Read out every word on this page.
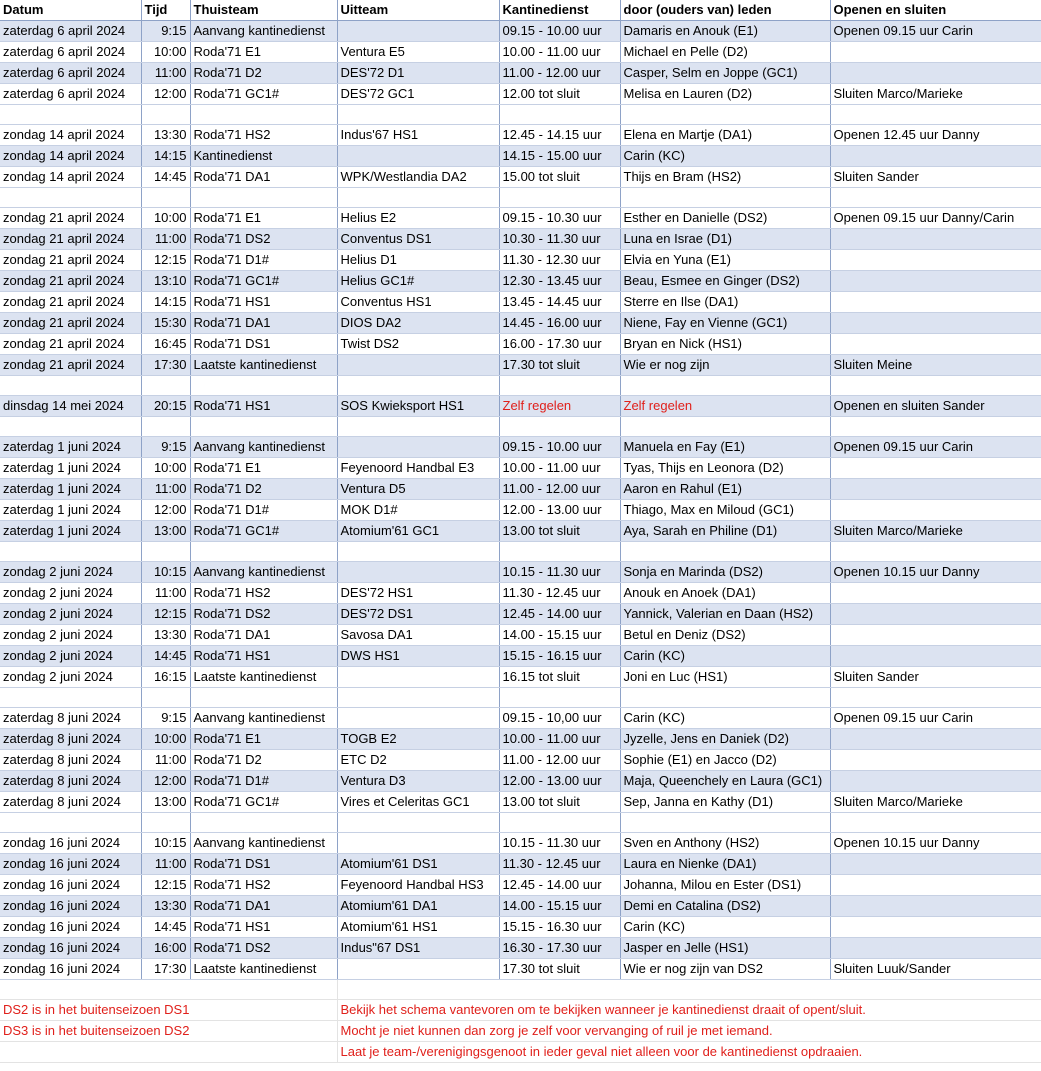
Datum	Tijd	Thuisteam	Uitteam	Kantinedienst	door (ouders van) leden	Openen en sluiten
zaterdag 6 april 2024	9:15	Aanvang kantinedienst		09.15 - 10.00 uur	Damaris en Anouk (E1)	Openen 09.15 uur Carin
zaterdag 6 april 2024	10:00	Roda'71 E1	Ventura E5	10.00 - 11.00 uur	Michael en Pelle (D2)	
zaterdag 6 april 2024	11:00	Roda'71 D2	DES'72 D1	11.00 - 12.00 uur	Casper, Selm en Joppe (GC1)	
zaterdag 6 april 2024	12:00	Roda'71 GC1#	DES'72 GC1	12.00 tot sluit	Melisa en Lauren (D2)	Sluiten Marco/Marieke

zondag 14 april 2024	13:30	Roda'71 HS2	Indus'67 HS1	12.45 - 14.15 uur	Elena en Martje (DA1)	Openen 12.45 uur Danny
zondag 14 april 2024	14:15	Kantinedienst		14.15 - 15.00 uur	Carin (KC)	
zondag 14 april 2024	14:45	Roda'71 DA1	WPK/Westlandia DA2	15.00 tot sluit	Thijs en Bram (HS2)	Sluiten Sander

zondag 21 april 2024	10:00	Roda'71 E1	Helius E2	09.15 - 10.30 uur	Esther en Danielle (DS2)	Openen 09.15 uur Danny/Carin
zondag 21 april 2024	11:00	Roda'71 DS2	Conventus DS1	10.30 - 11.30 uur	Luna en Israe (D1)	
zondag 21 april 2024	12:15	Roda'71 D1#	Helius D1	11.30 - 12.30 uur	Elvia en Yuna (E1)	
zondag 21 april 2024	13:10	Roda'71 GC1#	Helius GC1#	12.30 - 13.45 uur	Beau, Esmee en Ginger (DS2)	
zondag 21 april 2024	14:15	Roda'71 HS1	Conventus HS1	13.45 - 14.45 uur	Sterre en Ilse (DA1)	
zondag 21 april 2024	15:30	Roda'71 DA1	DIOS DA2	14.45 - 16.00 uur	Niene, Fay en Vienne (GC1)	
zondag 21 april 2024	16:45	Roda'71 DS1	Twist DS2	16.00 - 17.30 uur	Bryan en Nick (HS1)	
zondag 21 april 2024	17:30	Laatste kantinedienst		17.30 tot sluit	Wie er nog zijn	Sluiten Meine

dinsdag 14 mei 2024	20:15	Roda'71 HS1	SOS Kwieksport HS1	Zelf regelen	Zelf regelen	Openen en sluiten Sander

zaterdag 1 juni 2024	9:15	Aanvang kantinedienst		09.15 - 10.00 uur	Manuela en Fay (E1)	Openen 09.15 uur Carin
zaterdag 1 juni 2024	10:00	Roda'71 E1	Feyenoord Handbal E3	10.00 - 11.00 uur	Tyas, Thijs en Leonora (D2)	
zaterdag 1 juni 2024	11:00	Roda'71 D2	Ventura D5	11.00 - 12.00 uur	Aaron en Rahul (E1)	
zaterdag 1 juni 2024	12:00	Roda'71 D1#	MOK D1#	12.00 - 13.00 uur	Thiago, Max en Miloud (GC1)	
zaterdag 1 juni 2024	13:00	Roda'71 GC1#	Atomium'61 GC1	13.00 tot sluit	Aya, Sarah en Philine (D1)	Sluiten Marco/Marieke

zondag 2 juni 2024	10:15	Aanvang kantinedienst		10.15 - 11.30 uur	Sonja en Marinda (DS2)	Openen 10.15 uur Danny
zondag 2 juni 2024	11:00	Roda'71 HS2	DES'72 HS1	11.30 - 12.45 uur	Anouk en Anoek (DA1)	
zondag 2 juni 2024	12:15	Roda'71 DS2	DES'72 DS1	12.45 - 14.00 uur	Yannick, Valerian en Daan (HS2)	
zondag 2 juni 2024	13:30	Roda'71 DA1	Savosa DA1	14.00 - 15.15 uur	Betul en Deniz (DS2)	
zondag 2 juni 2024	14:45	Roda'71 HS1	DWS HS1	15.15 - 16.15 uur	Carin (KC)	
zondag 2 juni 2024	16:15	Laatste kantinedienst		16.15 tot sluit	Joni en Luc (HS1)	Sluiten Sander

zaterdag 8 juni 2024	9:15	Aanvang kantinedienst		09.15 - 10,00 uur	Carin (KC)	Openen 09.15 uur Carin
zaterdag 8 juni 2024	10:00	Roda'71 E1	TOGB E2	10.00 - 11.00 uur	Jyzelle, Jens en Daniek (D2)	
zaterdag 8 juni 2024	11:00	Roda'71 D2	ETC D2	11.00 - 12.00 uur	Sophie (E1) en Jacco (D2)	
zaterdag 8 juni 2024	12:00	Roda'71 D1#	Ventura D3	12.00 - 13.00 uur	Maja, Queenchely en Laura (GC1)	
zaterdag 8 juni 2024	13:00	Roda'71 GC1#	Vires et Celeritas GC1	13.00 tot sluit	Sep, Janna en Kathy (D1)	Sluiten Marco/Marieke

zondag 16 juni 2024	10:15	Aanvang kantinedienst		10.15 - 11.30 uur	Sven en Anthony (HS2)	Openen 10.15 uur Danny
zondag 16 juni 2024	11:00	Roda'71 DS1	Atomium'61 DS1	11.30 - 12.45 uur	Laura en Nienke (DA1)	
zondag 16 juni 2024	12:15	Roda'71 HS2	Feyenoord Handbal HS3	12.45 - 14.00 uur	Johanna, Milou en Ester (DS1)	
zondag 16 juni 2024	13:30	Roda'71 DA1	Atomium'61 DA1	14.00 - 15.15 uur	Demi en Catalina (DS2)	
zondag 16 juni 2024	14:45	Roda'71 HS1	Atomium'61 HS1	15.15 - 16.30 uur	Carin (KC)	
zondag 16 juni 2024	16:00	Roda'71 DS2	Indus"67 DS1	16.30 - 17.30 uur	Jasper en Jelle (HS1)	
zondag 16 juni 2024	17:30	Laatste kantinedienst		17.30 tot sluit	Wie er nog zijn van DS2	Sluiten Luuk/Sander

DS2 is in het buitenseizoen DS1			Bekijk het schema vantevoren om te bekijken wanneer je kantinedienst draait of opent/sluit.			
DS3 is in het buitenseizoen DS2			Mocht je niet kunnen dan zorg je zelf voor vervanging of ruil je met iemand.			
			Laat je team-/verenigingsgenoot in ieder geval niet alleen voor de kantinedienst opdraaien.			
